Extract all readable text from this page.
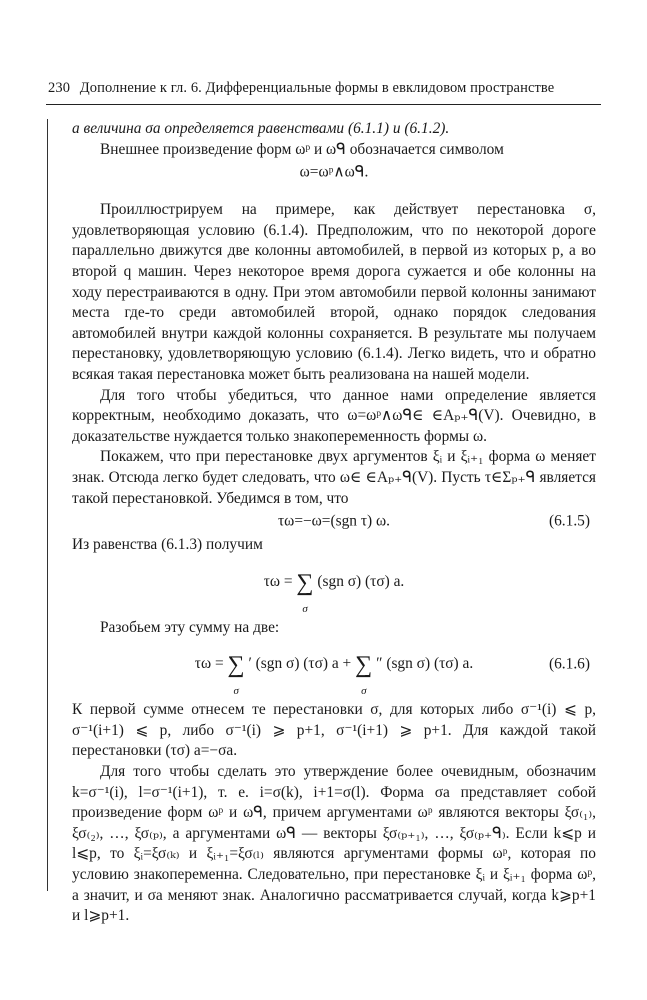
230 Дополнение к гл. 6. Дифференциальные формы в евклидовом пространстве

а величина σа определяется равенствами (6.1.1) и (6.1.2).

Внешнее произведение форм ωᵖ и ωᑫ обозначается символом

ω=ωᵖ∧ωᑫ.

Проиллюстрируем на примере, как действует перестановка σ, удовлетворяющая условию (6.1.4). Предположим, что по некоторой дороге параллельно движутся две колонны автомобилей, в первой из которых p, а во второй q машин. Через некоторое время дорога сужается и обе колонны на ходу перестраиваются в одну. При этом автомобили первой колонны занимают места где-то среди автомобилей второй, однако порядок следования автомобилей внутри каждой колонны сохраняется. В результате мы получаем перестановку, удовлетворяющую условию (6.1.4). Легко видеть, что и обратно всякая такая перестановка может быть реализована на нашей модели.

Для того чтобы убедиться, что данное нами определение является корректным, необходимо доказать, что ω=ωᵖ∧ωᑫ∈ ∈Aₚ₊ᑫ(V). Очевидно, в доказательстве нуждается только знакопеременность формы ω.

Покажем, что при перестановке двух аргументов ξᵢ и ξᵢ₊₁ форма ω меняет знак. Отсюда легко будет следовать, что ω∈ ∈Aₚ₊ᑫ(V). Пусть τ∈Σₚ₊ᑫ является такой перестановкой. Убедимся в том, что

τω=−ω=(sgn τ) ω.	(6.1.5)

Из равенства (6.1.3) получим

τω = ∑
σ
(sgn σ) (τσ) a.

Разобьем эту сумму на две:

τω = ∑
σ
′ (sgn σ) (τσ) a + ∑
σ
″ (sgn σ) (τσ) a.	(6.1.6)

К первой сумме отнесем те перестановки σ, для которых либо σ⁻¹(i) ⩽ p, σ⁻¹(i+1) ⩽ p, либо σ⁻¹(i) ⩾ p+1, σ⁻¹(i+1) ⩾ p+1. Для каждой такой перестановки (τσ) a=−σa.

Для того чтобы сделать это утверждение более очевидным, обозначим k=σ⁻¹(i), l=σ⁻¹(i+1), т. е. i=σ(k), i+1=σ(l). Форма σa представляет собой произведение форм ωᵖ и ωᑫ, причем аргументами ωᵖ являются векторы ξσ₍₁₎, ξσ₍₂₎, …, ξσ₍ₚ₎, а аргументами ωᑫ — векторы ξσ₍ₚ₊₁₎, …, ξσ₍ₚ₊ᑫ₎. Если k⩽p и l⩽p, то ξᵢ=ξσ₍ₖ₎ и ξᵢ₊₁=ξσ₍ₗ₎ являются аргументами формы ωᵖ, которая по условию знакопеременна. Следовательно, при перестановке ξᵢ и ξᵢ₊₁ форма ωᵖ, а значит, и σa меняют знак. Аналогично рассматривается случай, когда k⩾p+1 и l⩾p+1.
